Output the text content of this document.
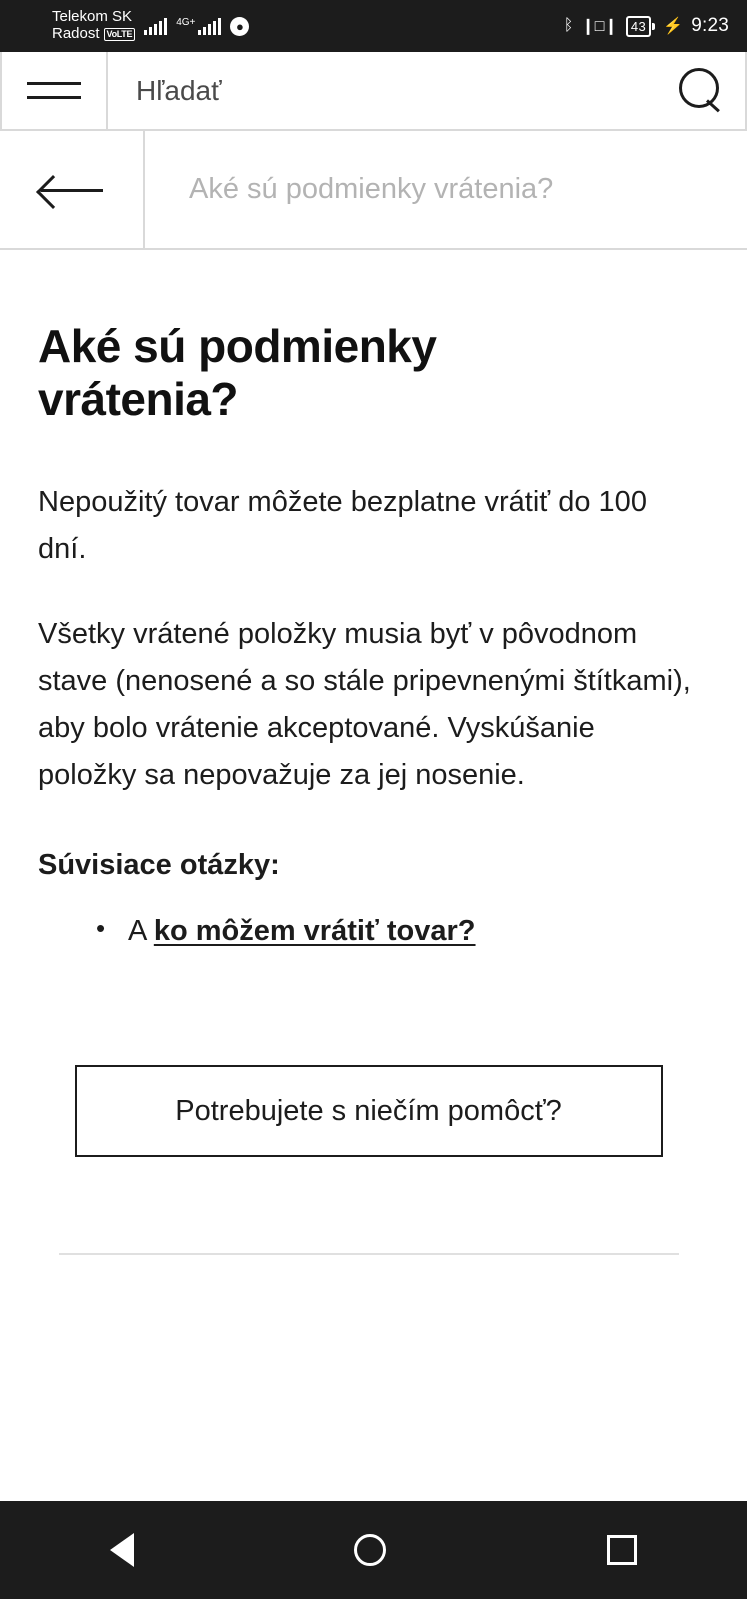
Telekom SK
Radost VoLTE
4G+	●	ᛒ ❙□❙	43	⚡ 9:23
Hľadať
Aké sú podmienky vrátenia?
Aké sú podmienky vrátenia?

Nepoužitý tovar môžete bezplatne vrátiť do 100 dní.

Všetky vrátené položky musia byť v pôvodnom stave (nenosené a so stále pripevnenými štítkami), aby bolo vrátenie akceptované. Vyskúšanie položky sa nepovažuje za jej nosenie.

Súvisiace otázky:
• A ko môžem vrátiť tovar?
Potrebujete s niečím pomôcť?
